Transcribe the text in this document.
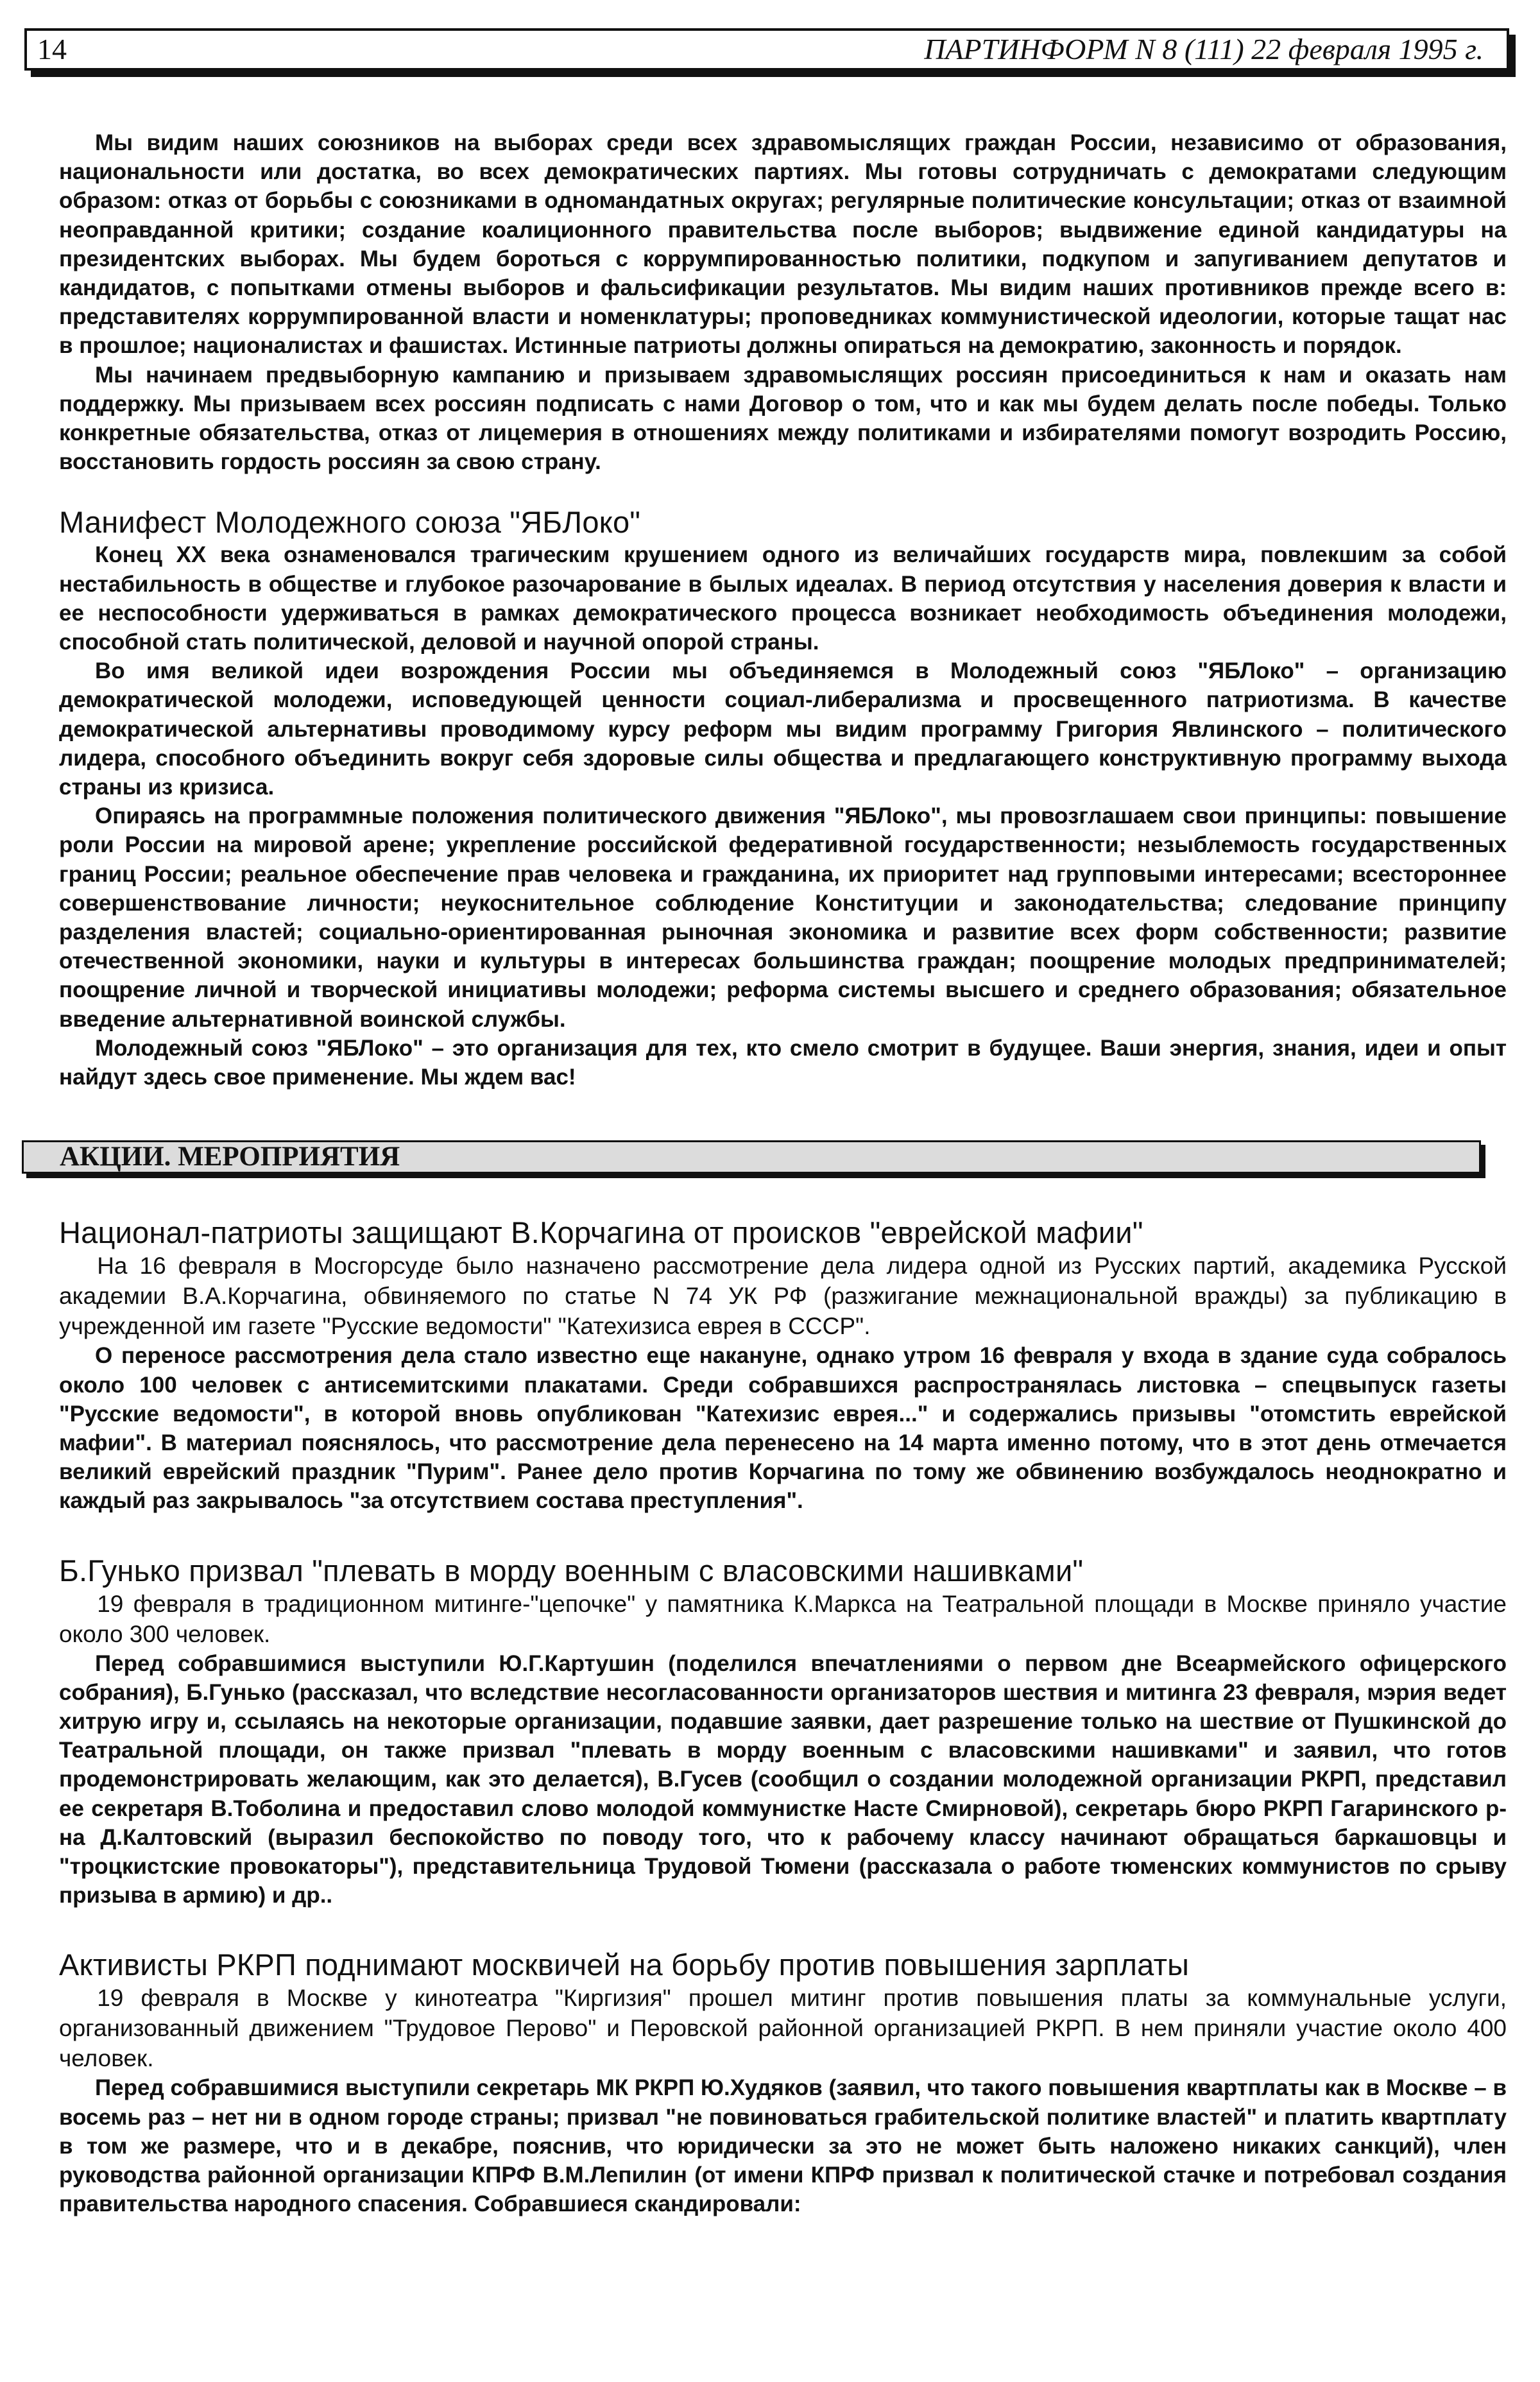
14	ПАРТИНФОРМ N 8 (111) 22 февраля 1995 г.

Мы видим наших союзников на выборах среди всех здравомыслящих граждан России, независимо от образования, национальности или достатка, во всех демократических партиях. Мы готовы сотрудничать с демократами следующим образом: отказ от борьбы с союзниками в одномандатных округах; регулярные политические консультации; отказ от взаимной неоправданной критики; создание коалиционного правительства после выборов; выдвижение единой кандидатуры на президентских выборах. Мы будем бороться с коррумпированностью политики, подкупом и запугиванием депутатов и кандидатов, с попытками отмены выборов и фальсификации результатов. Мы видим наших противников прежде всего в: представителях коррумпированной власти и номенклатуры; проповедниках коммунистической идеологии, которые тащат нас в прошлое; националистах и фашистах. Истинные патриоты должны опираться на демократию, законность и порядок.

Мы начинаем предвыборную кампанию и призываем здравомыслящих россиян присоединиться к нам и оказать нам поддержку. Мы призываем всех россиян подписать с нами Договор о том, что и как мы будем делать после победы. Только конкретные обязательства, отказ от лицемерия в отношениях между политиками и избирателями помогут возродить Россию, восстановить гордость россиян за свою страну.

Манифест Молодежного союза "ЯБЛоко"

Конец XX века ознаменовался трагическим крушением одного из величайших государств мира, повлекшим за собой нестабильность в обществе и глубокое разочарование в былых идеалах. В период отсутствия у населения доверия к власти и ее неспособности удерживаться в рамках демократического процесса возникает необходимость объединения молодежи, способной стать политической, деловой и научной опорой страны.

Во имя великой идеи возрождения России мы объединяемся в Молодежный союз "ЯБЛоко" – организацию демократической молодежи, исповедующей ценности социал-либерализма и просвещенного патриотизма. В качестве демократической альтернативы проводимому курсу реформ мы видим программу Григория Явлинского – политического лидера, способного объединить вокруг себя здоровые силы общества и предлагающего конструктивную программу выхода страны из кризиса.

Опираясь на программные положения политического движения "ЯБЛоко", мы провозглашаем свои принципы: повышение роли России на мировой арене; укрепление российской федеративной государственности; незыблемость государственных границ России; реальное обеспечение прав человека и гражданина, их приоритет над групповыми интересами; всестороннее совершенствование личности; неукоснительное соблюдение Конституции и законодательства; следование принципу разделения властей; социально-ориентированная рыночная экономика и развитие всех форм собственности; развитие отечественной экономики, науки и культуры в интересах большинства граждан; поощрение молодых предпринимателей; поощрение личной и творческой инициативы молодежи; реформа системы высшего и среднего образования; обязательное введение альтернативной воинской службы.

Молодежный союз "ЯБЛоко" – это организация для тех, кто смело смотрит в будущее. Ваши энергия, знания, идеи и опыт найдут здесь свое применение. Мы ждем вас!

АКЦИИ. МЕРОПРИЯТИЯ
Национал-патриоты защищают В.Корчагина от происков "еврейской мафии"

На 16 февраля в Мосгорсуде было назначено рассмотрение дела лидера одной из Русских партий, академика Русской академии В.А.Корчагина, обвиняемого по статье N 74 УК РФ (разжигание межнациональной вражды) за публикацию в учрежденной им газете "Русские ведомости" "Катехизиса еврея в СССР".

О переносе рассмотрения дела стало известно еще накануне, однако утром 16 февраля у входа в здание суда собралось около 100 человек с антисемитскими плакатами. Среди собравшихся распространялась листовка – спецвыпуск газеты "Русские ведомости", в которой вновь опубликован "Катехизис еврея..." и содержались призывы "отомстить еврейской мафии". В материал пояснялось, что рассмотрение дела перенесено на 14 марта именно потому, что в этот день отмечается великий еврейский праздник "Пурим". Ранее дело против Корчагина по тому же обвинению возбуждалось неоднократно и каждый раз закрывалось "за отсутствием состава преступления".

Б.Гунько призвал "плевать в морду военным с власовскими нашивками"

19 февраля в традиционном митинге-"цепочке" у памятника К.Маркса на Театральной площади в Москве приняло участие около 300 человек.

Перед собравшимися выступили Ю.Г.Картушин (поделился впечатлениями о первом дне Всеармейского офицерского собрания), Б.Гунько (рассказал, что вследствие несогласованности организаторов шествия и митинга 23 февраля, мэрия ведет хитрую игру и, ссылаясь на некоторые организации, подавшие заявки, дает разрешение только на шествие от Пушкинской до Театральной площади, он также призвал "плевать в морду военным с власовскими нашивками" и заявил, что готов продемонстрировать желающим, как это делается), В.Гусев (сообщил о создании молодежной организации РКРП, представил ее секретаря В.Тоболина и предоставил слово молодой коммунистке Насте Смирновой), секретарь бюро РКРП Гагаринского р-на Д.Калтовский (выразил беспокойство по поводу того, что к рабочему классу начинают обращаться баркашовцы и "троцкистские провокаторы"), представительница Трудовой Тюмени (рассказала о работе тюменских коммунистов по срыву призыва в армию) и др..

Активисты РКРП поднимают москвичей на борьбу против повышения зарплаты

19 февраля в Москве у кинотеатра "Киргизия" прошел митинг против повышения платы за коммунальные услуги, организованный движением "Трудовое Перово" и Перовской районной организацией РКРП. В нем приняли участие около 400 человек.

Перед собравшимися выступили секретарь МК РКРП Ю.Худяков (заявил, что такого повышения квартплаты как в Москве – в восемь раз – нет ни в одном городе страны; призвал "не повиноваться грабительской политике властей" и платить квартплату в том же размере, что и в декабре, пояснив, что юридически за это не может быть наложено никаких санкций), член руководства районной организации КПРФ В.М.Лепилин (от имени КПРФ призвал к политической стачке и потребовал создания правительства народного спасения. Собравшиеся скандировали:
